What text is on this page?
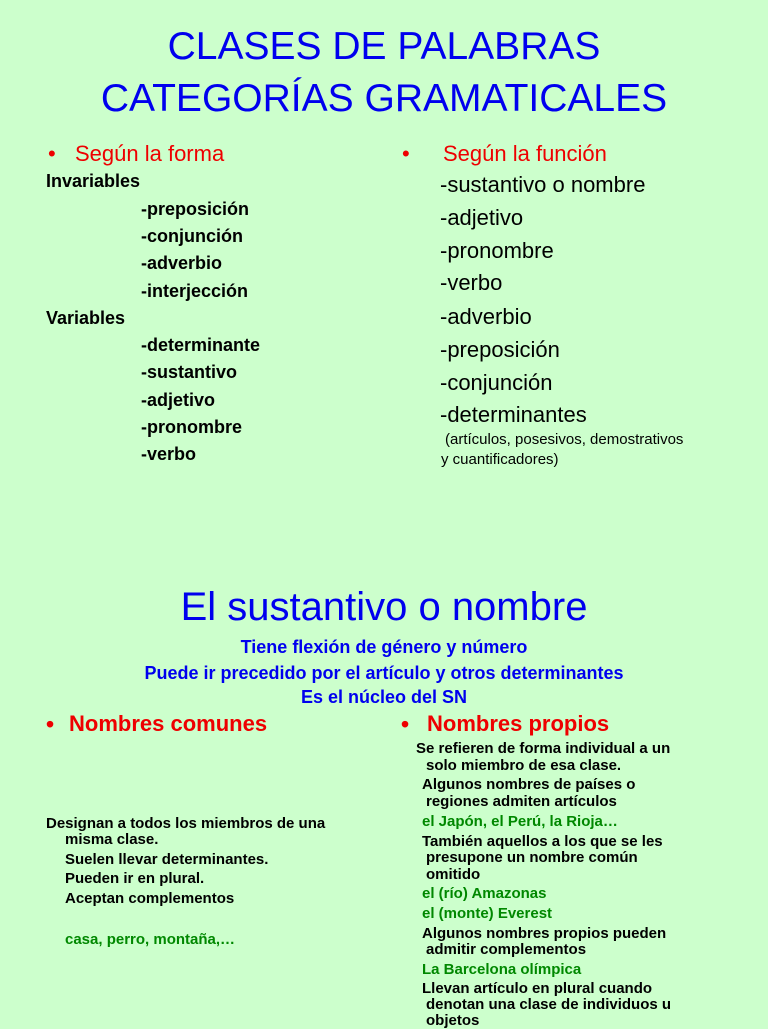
CLASES DE PALABRAS
CATEGORÍAS GRAMATICALES
• Según la forma
Invariables
-preposición
-conjunción
-adverbio
-interjección
Variables
-determinante
-sustantivo
-adjetivo
-pronombre
-verbo
• Según la función
-sustantivo o nombre
-adjetivo
-pronombre
-verbo
-adverbio
-preposición
-conjunción
-determinantes
(artículos, posesivos, demostrativos
y cuantificadores)
El sustantivo o nombre
Tiene flexión de género y número
Puede ir precedido por el artículo y otros determinantes
Es el núcleo del SN
• Nombres comunes
Designan a todos los miembros de una
misma clase.
Suelen llevar determinantes.
Pueden ir en plural.
Aceptan complementos
casa, perro, montaña,…
• Nombres propios
Se refieren de forma individual a un
solo miembro de esa clase.
Algunos nombres de países o
regiones admiten artículos
el Japón, el Perú, la Rioja…
También aquellos a los que se les
presupone un nombre común
omitido
el (río) Amazonas
el (monte) Everest
Algunos nombres propios pueden
admitir complementos
La Barcelona olímpica
Llevan artículo en plural cuando
denotan una clase de individuos u
objetos
